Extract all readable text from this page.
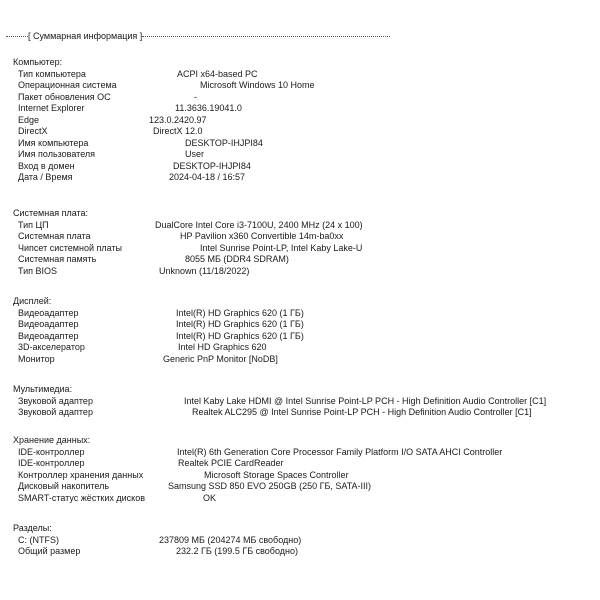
[ Суммарная информация ]
Компьютер:
Тип компьютера	ACPI x64-based PC
Операционная система	Microsoft Windows 10 Home
Пакет обновления ОС	-
Internet Explorer	11.3636.19041.0
Edge	123.0.2420.97
DirectX	DirectX 12.0
Имя компьютера	DESKTOP-IHJPI84
Имя пользователя	User
Вход в домен	DESKTOP-IHJPI84
Дата / Время	2024-04-18 / 16:57
Системная плата:
Тип ЦП	DualCore Intel Core i3-7100U, 2400 MHz (24 x 100)
Системная плата	HP Pavilion x360 Convertible 14m-ba0xx
Чипсет системной платы	Intel Sunrise Point-LP, Intel Kaby Lake-U
Системная память	8055 МБ (DDR4 SDRAM)
Тип BIOS	Unknown (11/18/2022)
Дисплей:
Видеоадаптер	Intel(R) HD Graphics 620 (1 ГБ)
Видеоадаптер	Intel(R) HD Graphics 620 (1 ГБ)
Видеоадаптер	Intel(R) HD Graphics 620 (1 ГБ)
3D-акселератор	Intel HD Graphics 620
Монитор	Generic PnP Monitor [NoDB]
Мультимедиа:
Звуковой адаптер	Intel Kaby Lake HDMI @ Intel Sunrise Point-LP PCH - High Definition Audio Controller [C1]
Звуковой адаптер	Realtek ALC295 @ Intel Sunrise Point-LP PCH - High Definition Audio Controller [C1]
Хранение данных:
IDE-контроллер	Intel(R) 6th Generation Core Processor Family Platform I/O SATA AHCI Controller
IDE-контроллер	Realtek PCIE CardReader
Контроллер хранения данных	Microsoft Storage Spaces Controller
Дисковый накопитель	Samsung SSD 850 EVO 250GB (250 ГБ, SATA-III)
SMART-статус жёстких дисков	OK
Разделы:
C: (NTFS)	237809 МБ (204274 МБ свободно)
Общий размер	232.2 ГБ (199.5 ГБ свободно)
